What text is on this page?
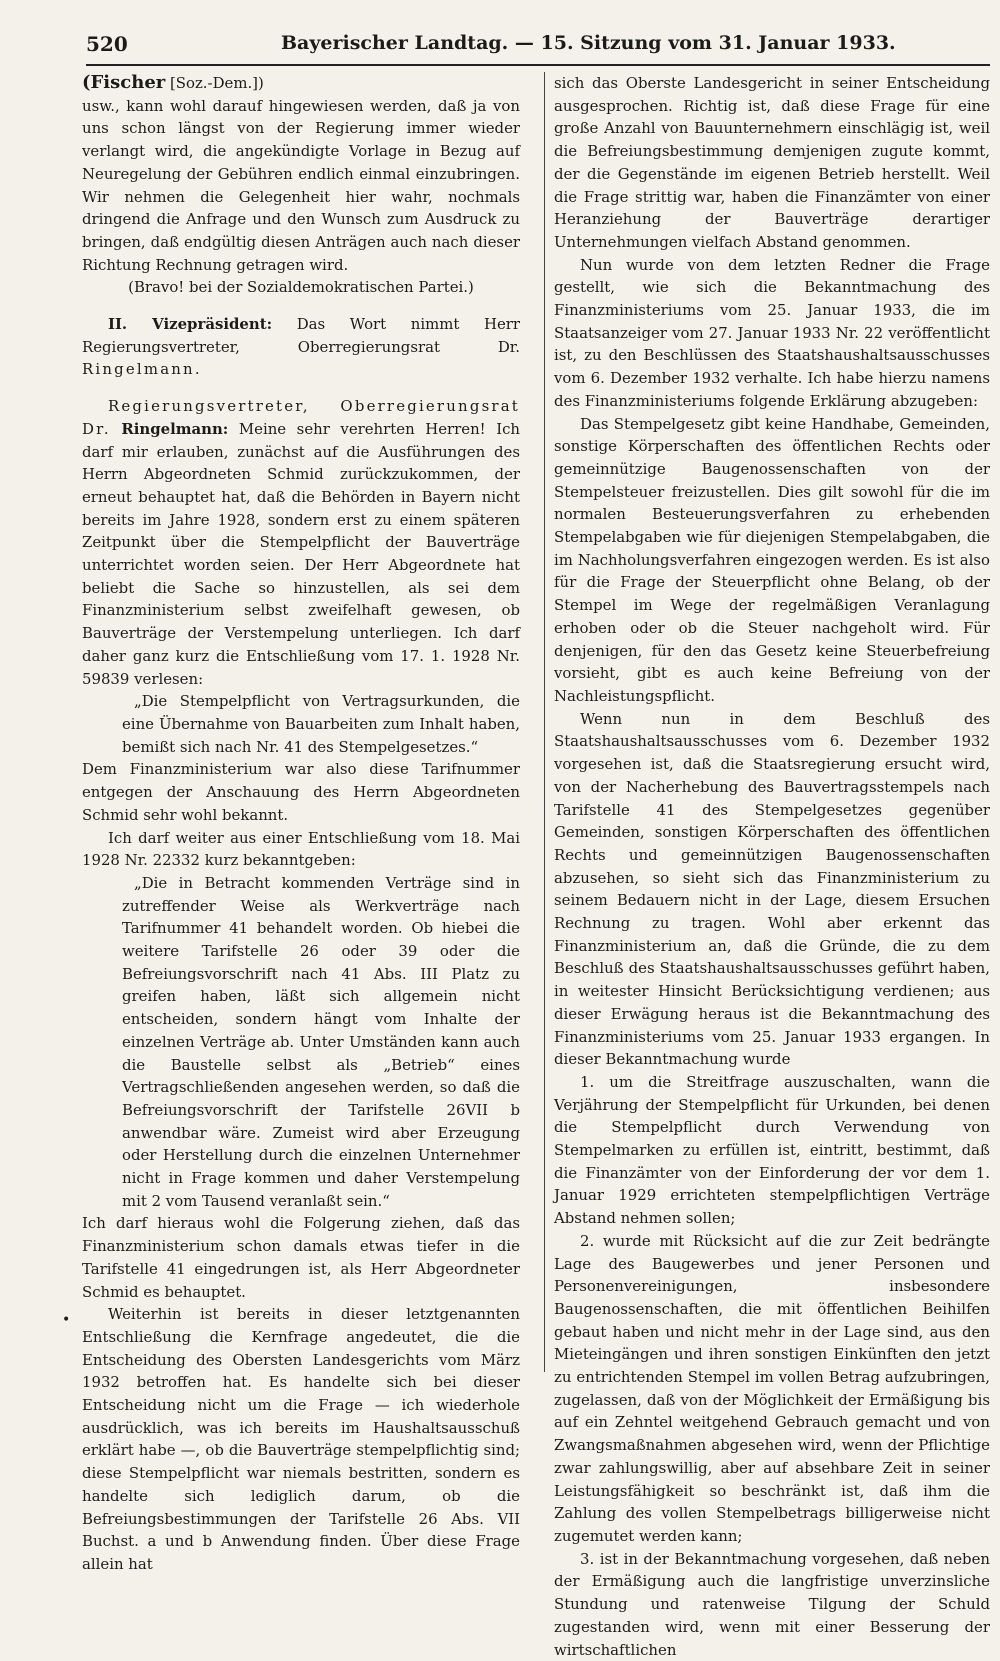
520	Bayerischer Landtag. — 15. Sitzung vom 31. Januar 1933.

(Fischer [Soz.-Dem.])

usw., kann wohl darauf hingewiesen werden, daß ja von uns schon längst von der Regierung immer wieder verlangt wird, die angekündigte Vorlage in Bezug auf Neuregelung der Gebühren endlich einmal einzubringen. Wir nehmen die Gelegenheit hier wahr, nochmals dringend die Anfrage und den Wunsch zum Ausdruck zu bringen, daß endgültig diesen Anträgen auch nach dieser Richtung Rechnung getragen wird.

(Bravo! bei der Sozialdemokratischen Partei.)

II. Vizepräsident: Das Wort nimmt Herr Regierungsvertreter, Oberregierungsrat Dr. Ringelmann.

Regierungsvertreter, Oberregierungsrat Dr. Ringelmann: Meine sehr verehrten Herren! Ich darf mir erlauben, zunächst auf die Ausführungen des Herrn Abgeordneten Schmid zurückzukommen, der erneut behauptet hat, daß die Behörden in Bayern nicht bereits im Jahre 1928, sondern erst zu einem späteren Zeitpunkt über die Stempelpflicht der Bauverträge unterrichtet worden seien. Der Herr Abgeordnete hat beliebt die Sache so hinzustellen, als sei dem Finanzministerium selbst zweifelhaft gewesen, ob Bauverträge der Verstempelung unterliegen. Ich darf daher ganz kurz die Entschließung vom 17. 1. 1928 Nr. 59839 verlesen:

„Die Stempelpflicht von Vertragsurkunden, die eine Übernahme von Bauarbeiten zum Inhalt haben, bemißt sich nach Nr. 41 des Stempelgesetzes.“

Dem Finanzministerium war also diese Tarifnummer entgegen der Anschauung des Herrn Abgeordneten Schmid sehr wohl bekannt.

Ich darf weiter aus einer Entschließung vom 18. Mai 1928 Nr. 22332 kurz bekanntgeben:

„Die in Betracht kommenden Verträge sind in zutreffender Weise als Werkverträge nach Tarifnummer 41 behandelt worden. Ob hiebei die weitere Tarifstelle 26 oder 39 oder die Befreiungsvorschrift nach 41 Abs. III Platz zu greifen haben, läßt sich allgemein nicht entscheiden, sondern hängt vom Inhalte der einzelnen Verträge ab. Unter Umständen kann auch die Baustelle selbst als „Betrieb“ eines Vertragschließenden angesehen werden, so daß die Befreiungsvorschrift der Tarifstelle 26VII b anwendbar wäre. Zumeist wird aber Erzeugung oder Herstellung durch die einzelnen Unternehmer nicht in Frage kommen und daher Verstempelung mit 2 vom Tausend veranlaßt sein.“

Ich darf hieraus wohl die Folgerung ziehen, daß das Finanzministerium schon damals etwas tiefer in die Tarifstelle 41 eingedrungen ist, als Herr Abgeordneter Schmid es behauptet.

Weiterhin ist bereits in dieser letztgenannten Entschließung die Kernfrage angedeutet, die die Entscheidung des Obersten Landesgerichts vom März 1932 betroffen hat. Es handelte sich bei dieser Entscheidung nicht um die Frage — ich wiederhole ausdrücklich, was ich bereits im Haushaltsausschuß erklärt habe —, ob die Bauverträge stempelpflichtig sind; diese Stempelpflicht war niemals bestritten, sondern es handelte sich lediglich darum, ob die Befreiungsbestimmungen der Tarifstelle 26 Abs. VII Buchst. a und b Anwendung finden. Über diese Frage allein hat

sich das Oberste Landesgericht in seiner Entscheidung ausgesprochen. Richtig ist, daß diese Frage für eine große Anzahl von Bauunternehmern einschlägig ist, weil die Befreiungsbestimmung demjenigen zugute kommt, der die Gegenstände im eigenen Betrieb herstellt. Weil die Frage strittig war, haben die Finanzämter von einer Heranziehung der Bauverträge derartiger Unternehmungen vielfach Abstand genommen.

Nun wurde von dem letzten Redner die Frage gestellt, wie sich die Bekanntmachung des Finanzministeriums vom 25. Januar 1933, die im Staatsanzeiger vom 27. Januar 1933 Nr. 22 veröffentlicht ist, zu den Beschlüssen des Staatshaushaltsausschusses vom 6. Dezember 1932 verhalte. Ich habe hierzu namens des Finanzministeriums folgende Erklärung abzugeben:

Das Stempelgesetz gibt keine Handhabe, Gemeinden, sonstige Körperschaften des öffentlichen Rechts oder gemeinnützige Baugenossenschaften von der Stempelsteuer freizustellen. Dies gilt sowohl für die im normalen Besteuerungsverfahren zu erhebenden Stempelabgaben wie für diejenigen Stempelabgaben, die im Nachholungsverfahren eingezogen werden. Es ist also für die Frage der Steuerpflicht ohne Belang, ob der Stempel im Wege der regelmäßigen Veranlagung erhoben oder ob die Steuer nachgeholt wird. Für denjenigen, für den das Gesetz keine Steuerbefreiung vorsieht, gibt es auch keine Befreiung von der Nachleistungspflicht.

Wenn nun in dem Beschluß des Staatshaushaltsausschusses vom 6. Dezember 1932 vorgesehen ist, daß die Staatsregierung ersucht wird, von der Nacherhebung des Bauvertragsstempels nach Tarifstelle 41 des Stempelgesetzes gegenüber Gemeinden, sonstigen Körperschaften des öffentlichen Rechts und gemeinnützigen Baugenossenschaften abzusehen, so sieht sich das Finanzministerium zu seinem Bedauern nicht in der Lage, diesem Ersuchen Rechnung zu tragen. Wohl aber erkennt das Finanzministerium an, daß die Gründe, die zu dem Beschluß des Staatshaushaltsausschusses geführt haben, in weitester Hinsicht Berücksichtigung verdienen; aus dieser Erwägung heraus ist die Bekanntmachung des Finanzministeriums vom 25. Januar 1933 ergangen. In dieser Bekanntmachung wurde

1. um die Streitfrage auszuschalten, wann die Verjährung der Stempelpflicht für Urkunden, bei denen die Stempelpflicht durch Verwendung von Stempelmarken zu erfüllen ist, eintritt, bestimmt, daß die Finanzämter von der Einforderung der vor dem 1. Januar 1929 errichteten stempelpflichtigen Verträge Abstand nehmen sollen;

2. wurde mit Rücksicht auf die zur Zeit bedrängte Lage des Baugewerbes und jener Personen und Personenvereinigungen, insbesondere Baugenossenschaften, die mit öffentlichen Beihilfen gebaut haben und nicht mehr in der Lage sind, aus den Mieteingängen und ihren sonstigen Einkünften den jetzt zu entrichtenden Stempel im vollen Betrag aufzubringen, zugelassen, daß von der Möglichkeit der Ermäßigung bis auf ein Zehntel weitgehend Gebrauch gemacht und von Zwangsmaßnahmen abgesehen wird, wenn der Pflichtige zwar zahlungswillig, aber auf absehbare Zeit in seiner Leistungsfähigkeit so beschränkt ist, daß ihm die Zahlung des vollen Stempelbetrags billigerweise nicht zugemutet werden kann;

3. ist in der Bekanntmachung vorgesehen, daß neben der Ermäßigung auch die langfristige unverzinsliche Stundung und ratenweise Tilgung der Schuld zugestanden wird, wenn mit einer Besserung der wirtschaftlichen

•
